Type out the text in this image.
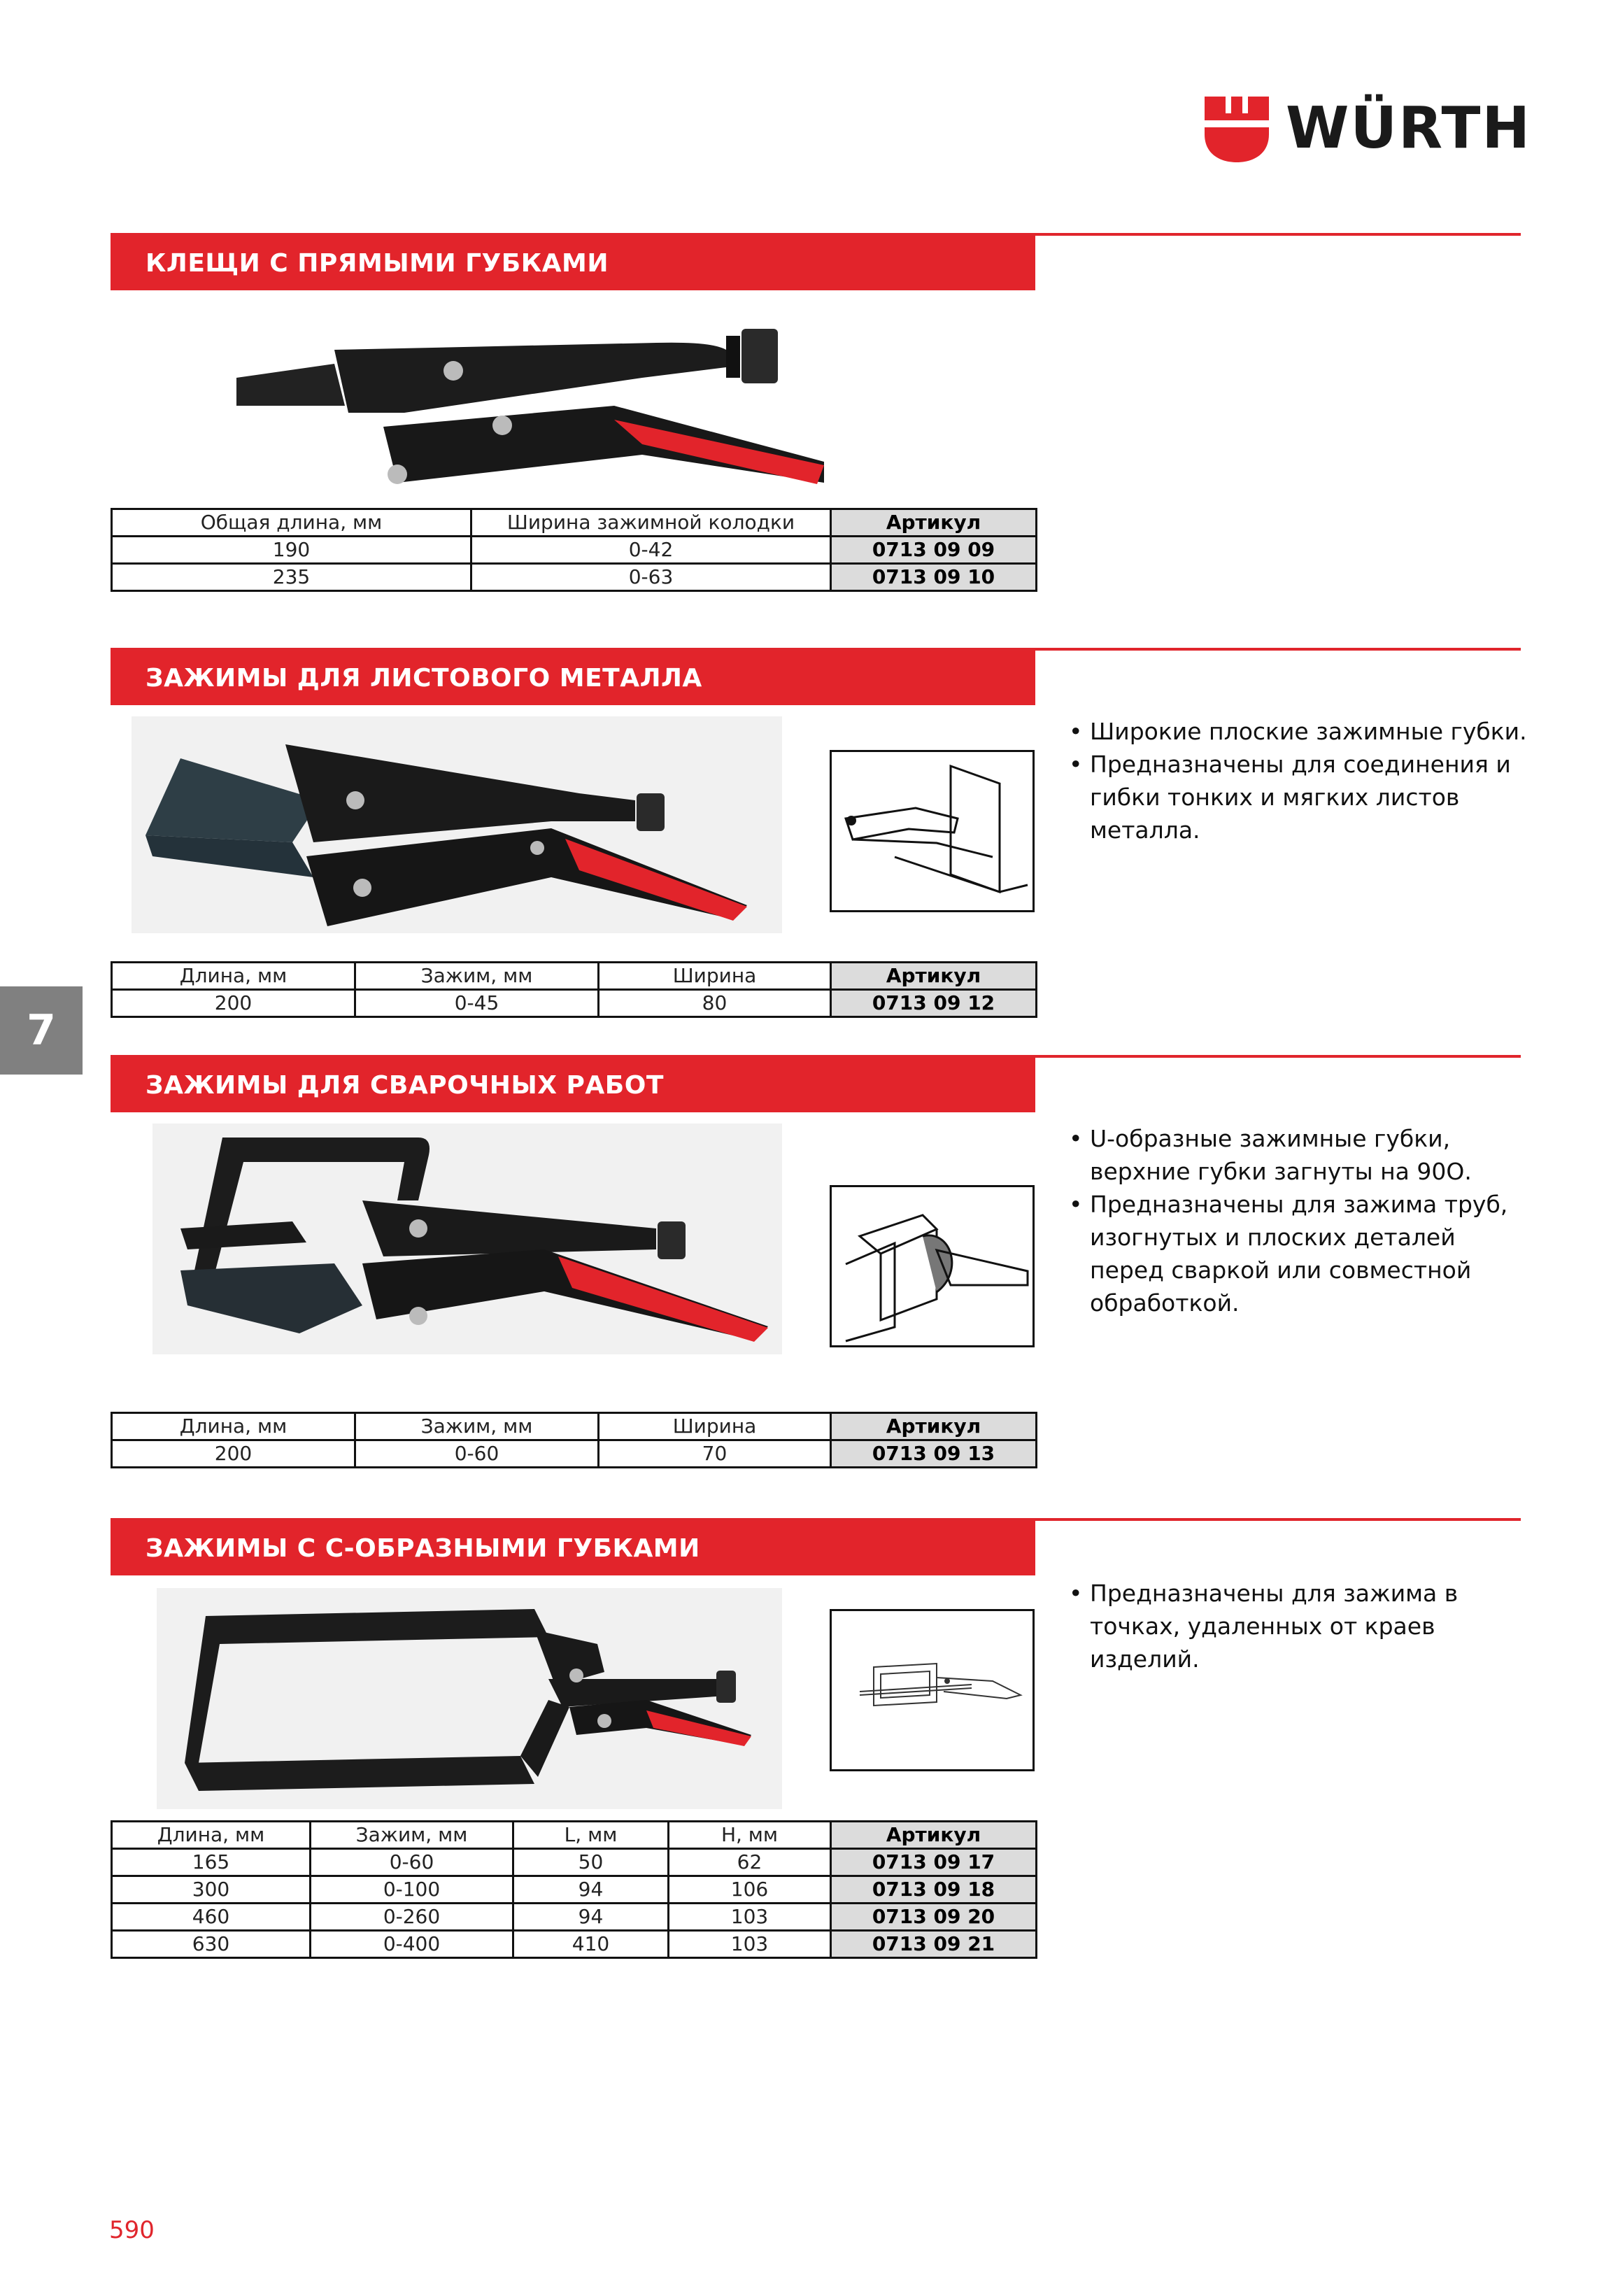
WÜRTH
КЛЕЩИ С ПРЯМЫМИ ГУБКАМИ
Общая длина, мм	Ширина зажимной колодки	Артикул
190	0-42	0713 09 09
235	0-63	0713 09 10
ЗАЖИМЫ ДЛЯ ЛИСТОВОГО МЕТАЛЛА

• Широкие плоские зажимные губки.

• Предназначены для соединения и гибки тонких и мягких листов металла.

Длина, мм	Зажим, мм	Ширина	Артикул
200	0-45	80	0713 09 12
7
ЗАЖИМЫ ДЛЯ СВАРОЧНЫХ РАБОТ

• U-образные зажимные губки, верхние губки загнуты на 90О.

• Предназначены для зажима труб, изогнутых и плоских деталей перед сваркой или совместной обработкой.

Длина, мм	Зажим, мм	Ширина	Артикул
200	0-60	70	0713 09 13
ЗАЖИМЫ С С-ОБРАЗНЫМИ ГУБКАМИ

• Предназначены для зажима в точках, удаленных от краев изделий.

Длина, мм	Зажим, мм	L, мм	H, мм	Артикул
165	0-60	50	62	0713 09 17
300	0-100	94	106	0713 09 18
460	0-260	94	103	0713 09 20
630	0-400	410	103	0713 09 21
590
